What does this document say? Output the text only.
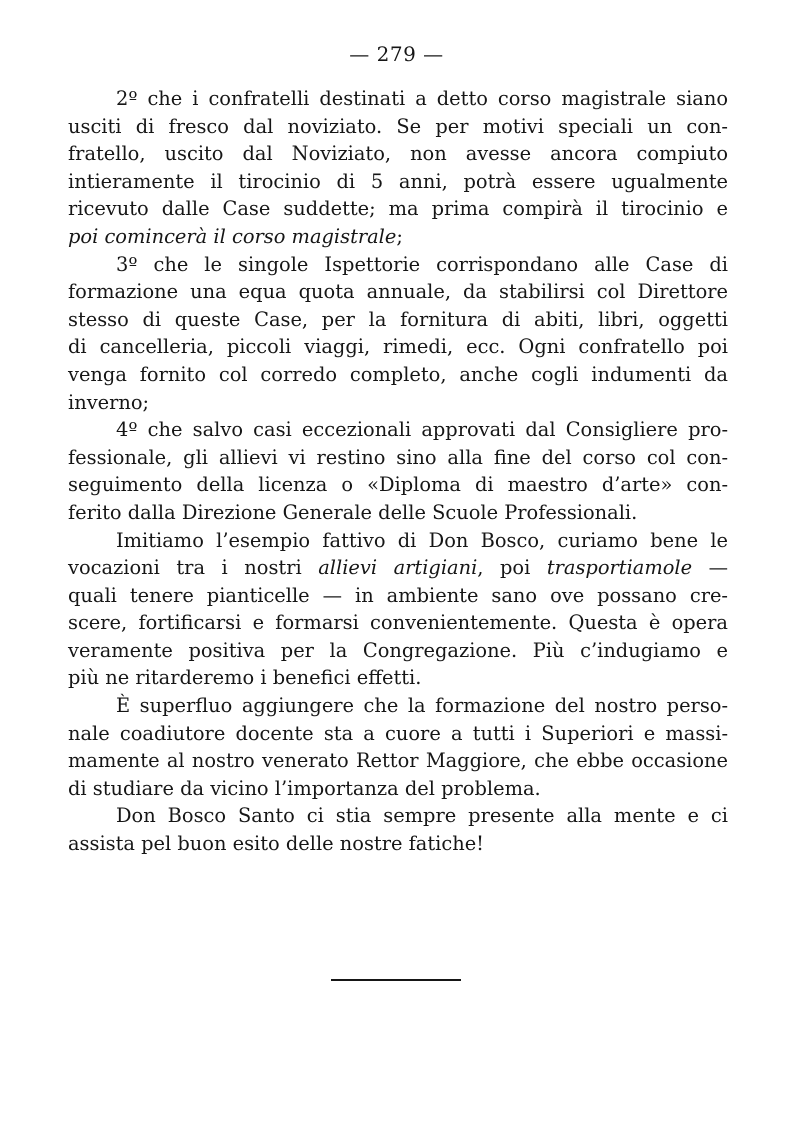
— 279 —
2º che i confratelli destinati a detto corso magistrale siano
usciti di fresco dal noviziato. Se per motivi speciali un con-
fratello, uscito dal Noviziato, non avesse ancora compiuto
intieramente il tirocinio di 5 anni, potrà essere ugualmente
ricevuto dalle Case suddette; ma prima compirà il tirocinio e
poi comincerà il corso magistrale;
3º che le singole Ispettorie corrispondano alle Case di
formazione una equa quota annuale, da stabilirsi col Direttore
stesso di queste Case, per la fornitura di abiti, libri, oggetti
di cancelleria, piccoli viaggi, rimedi, ecc. Ogni confratello poi
venga fornito col corredo completo, anche cogli indumenti da
inverno;
4º che salvo casi eccezionali approvati dal Consigliere pro-
fessionale, gli allievi vi restino sino alla fine del corso col con-
seguimento della licenza o «Diploma di maestro d’arte» con-
ferito dalla Direzione Generale delle Scuole Professionali.
Imitiamo l’esempio fattivo di Don Bosco, curiamo bene le
vocazioni tra i nostri allievi artigiani, poi trasportiamole —
quali tenere pianticelle — in ambiente sano ove possano cre-
scere, fortificarsi e formarsi convenientemente. Questa è opera
veramente positiva per la Congregazione. Più c’indugiamo e
più ne ritarderemo i benefici effetti.
È superfluo aggiungere che la formazione del nostro perso-
nale coadiutore docente sta a cuore a tutti i Superiori e massi-
mamente al nostro venerato Rettor Maggiore, che ebbe occasione
di studiare da vicino l’importanza del problema.
Don Bosco Santo ci stia sempre presente alla mente e ci
assista pel buon esito delle nostre fatiche!
